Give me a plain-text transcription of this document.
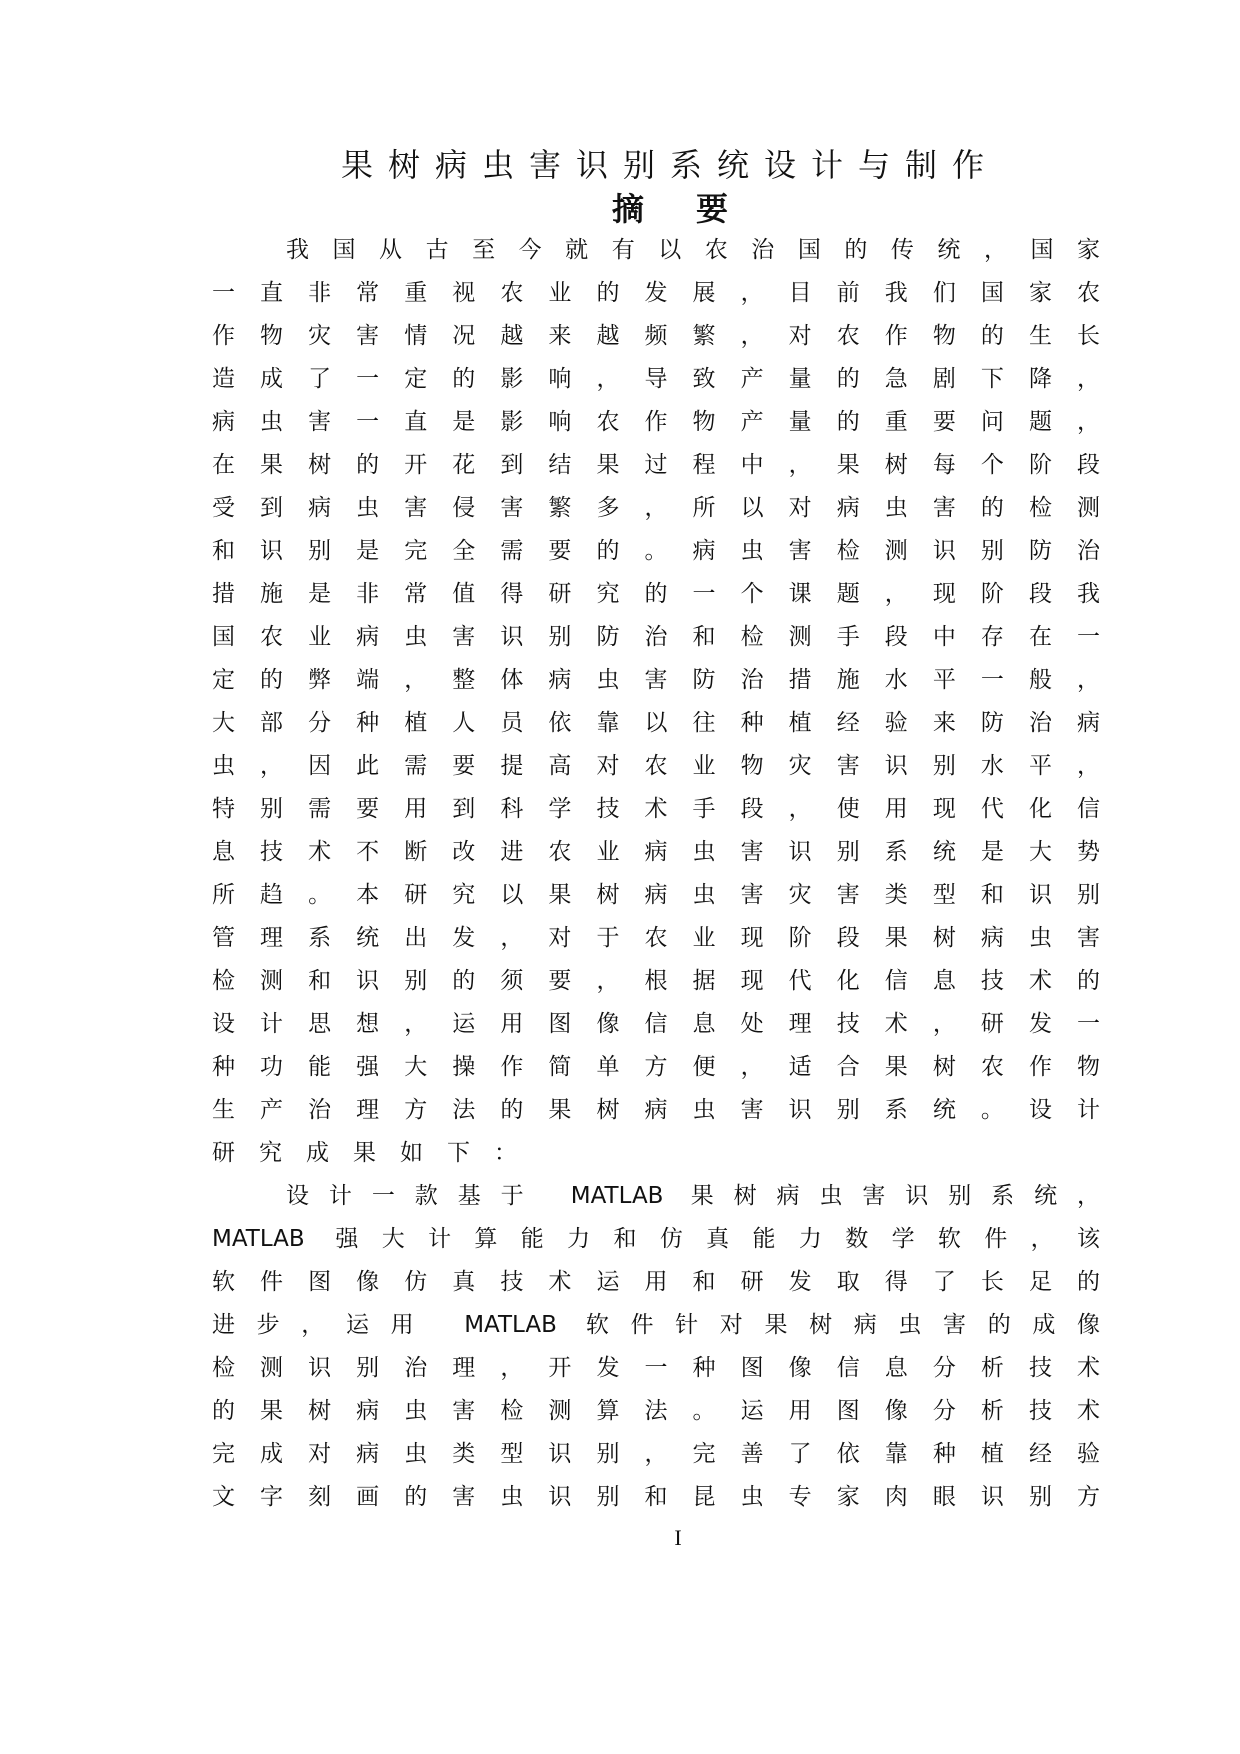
果树病虫害识别系统设计与制作
摘 要
我国从古至今就有以农治国的传统，国家
一直非常重视农业的发展，目前我们国家农
作物灾害情况越来越频繁，对农作物的生长
造成了一定的影响，导致产量的急剧下降，
病虫害一直是影响农作物产量的重要问题，
在果树的开花到结果过程中，果树每个阶段
受到病虫害侵害繁多，所以对病虫害的检测
和识别是完全需要的。病虫害检测识别防治
措施是非常值得研究的一个课题，现阶段我
国农业病虫害识别防治和检测手段中存在一
定的弊端，整体病虫害防治措施水平一般，
大部分种植人员依靠以往种植经验来防治病
虫，因此需要提高对农业物灾害识别水平，
特别需要用到科学技术手段，使用现代化信
息技术不断改进农业病虫害识别系统是大势
所趋。本研究以果树病虫害灾害类型和识别
管理系统出发，对于农业现阶段果树病虫害
检测和识别的须要，根据现代化信息技术的
设计思想，运用图像信息处理技术，研发一
种功能强大操作简单方便，适合果树农作物
生产治理方法的果树病虫害识别系统。设计
研究成果如下：
设计一款基于 MATLAB 果树病虫害识别系统，
MATLAB 强大计算能力和仿真能力数学软件，该
软件图像仿真技术运用和研发取得了长足的
进步，运用 MATLAB 软件针对果树病虫害的成像
检测识别治理，开发一种图像信息分析技术
的果树病虫害检测算法。运用图像分析技术
完成对病虫类型识别，完善了依靠种植经验
文字刻画的害虫识别和昆虫专家肉眼识别方
I
